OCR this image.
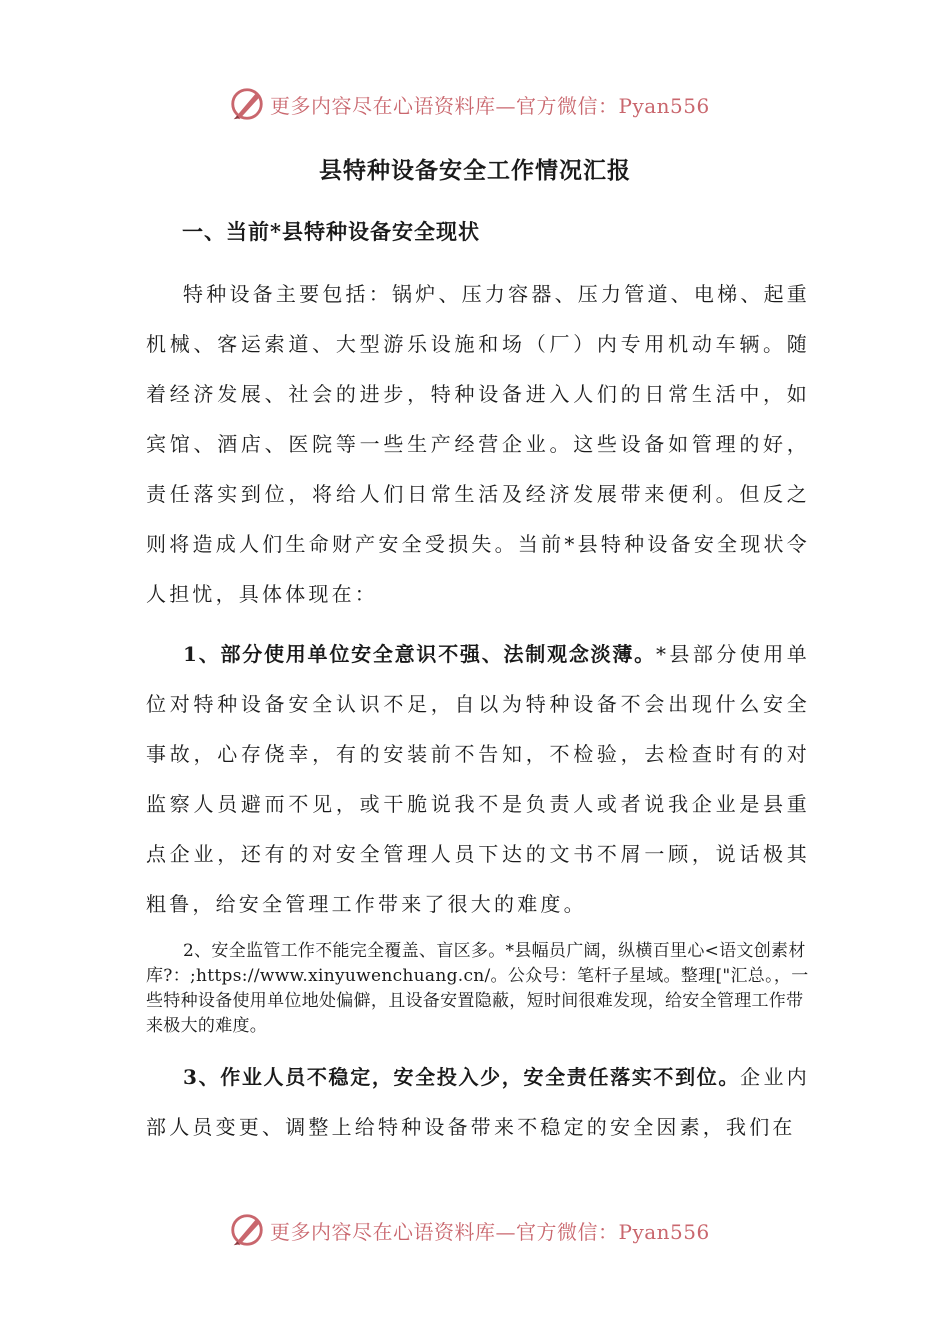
更多内容尽在心语资料库—官方微信：Pyan556
县特种设备安全工作情况汇报
一、当前*县特种设备安全现状

特种设备主要包括：锅炉、压力容器、压力管道、电梯、起重机械、客运索道、大型游乐设施和场（厂）内专用机动车辆。随着经济发展、社会的进步，特种设备进入人们的日常生活中，如宾馆、酒店、医院等一些生产经营企业。这些设备如管理的好，责任落实到位，将给人们日常生活及经济发展带来便利。但反之则将造成人们生命财产安全受损失。当前*县特种设备安全现状令人担忧，具体体现在：

1、部分使用单位安全意识不强、法制观念淡薄。*县部分使用单位对特种设备安全认识不足，自以为特种设备不会出现什么安全事故，心存侥幸，有的安装前不告知，不检验，去检查时有的对监察人员避而不见，或干脆说我不是负责人或者说我企业是县重点企业，还有的对安全管理人员下达的文书不屑一顾，说话极其粗鲁，给安全管理工作带来了很大的难度。

2、安全监管工作不能完全覆盖、盲区多。*县幅员广阔，纵横百里心<语文创素材库?：;https://www.xinyuwenchuang.cn/。公众号：笔杆子星域。整理["汇总。，一些特种设备使用单位地处偏僻，且设备安置隐蔽，短时间很难发现，给安全管理工作带来极大的难度。

3、作业人员不稳定，安全投入少，安全责任落实不到位。企业内部人员变更、调整上给特种设备带来不稳定的安全因素，我们在

更多内容尽在心语资料库—官方微信：Pyan556
